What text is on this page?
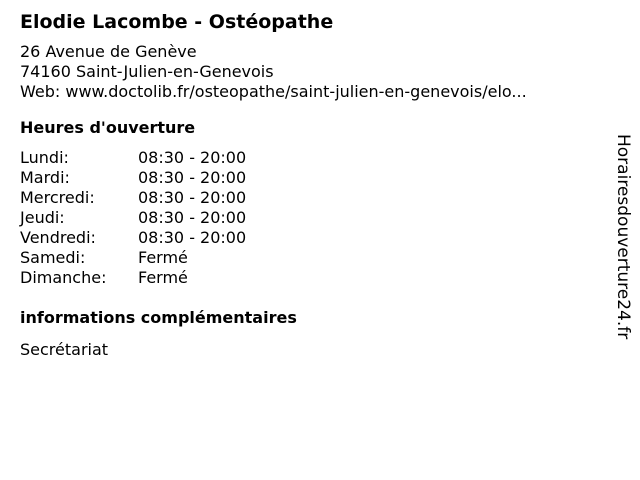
Elodie Lacombe - Ostéopathe
26 Avenue de Genève
74160 Saint-Julien-en-Genevois
Web: www.doctolib.fr/osteopathe/saint-julien-en-genevois/elo...
Heures d'ouverture
Lundi:	08:30 - 20:00
Mardi:	08:30 - 20:00
Mercredi:	08:30 - 20:00
Jeudi:	08:30 - 20:00
Vendredi:	08:30 - 20:00
Samedi:	Fermé
Dimanche:	Fermé
informations complémentaires
Secrétariat
Horairesdouverture24.fr
